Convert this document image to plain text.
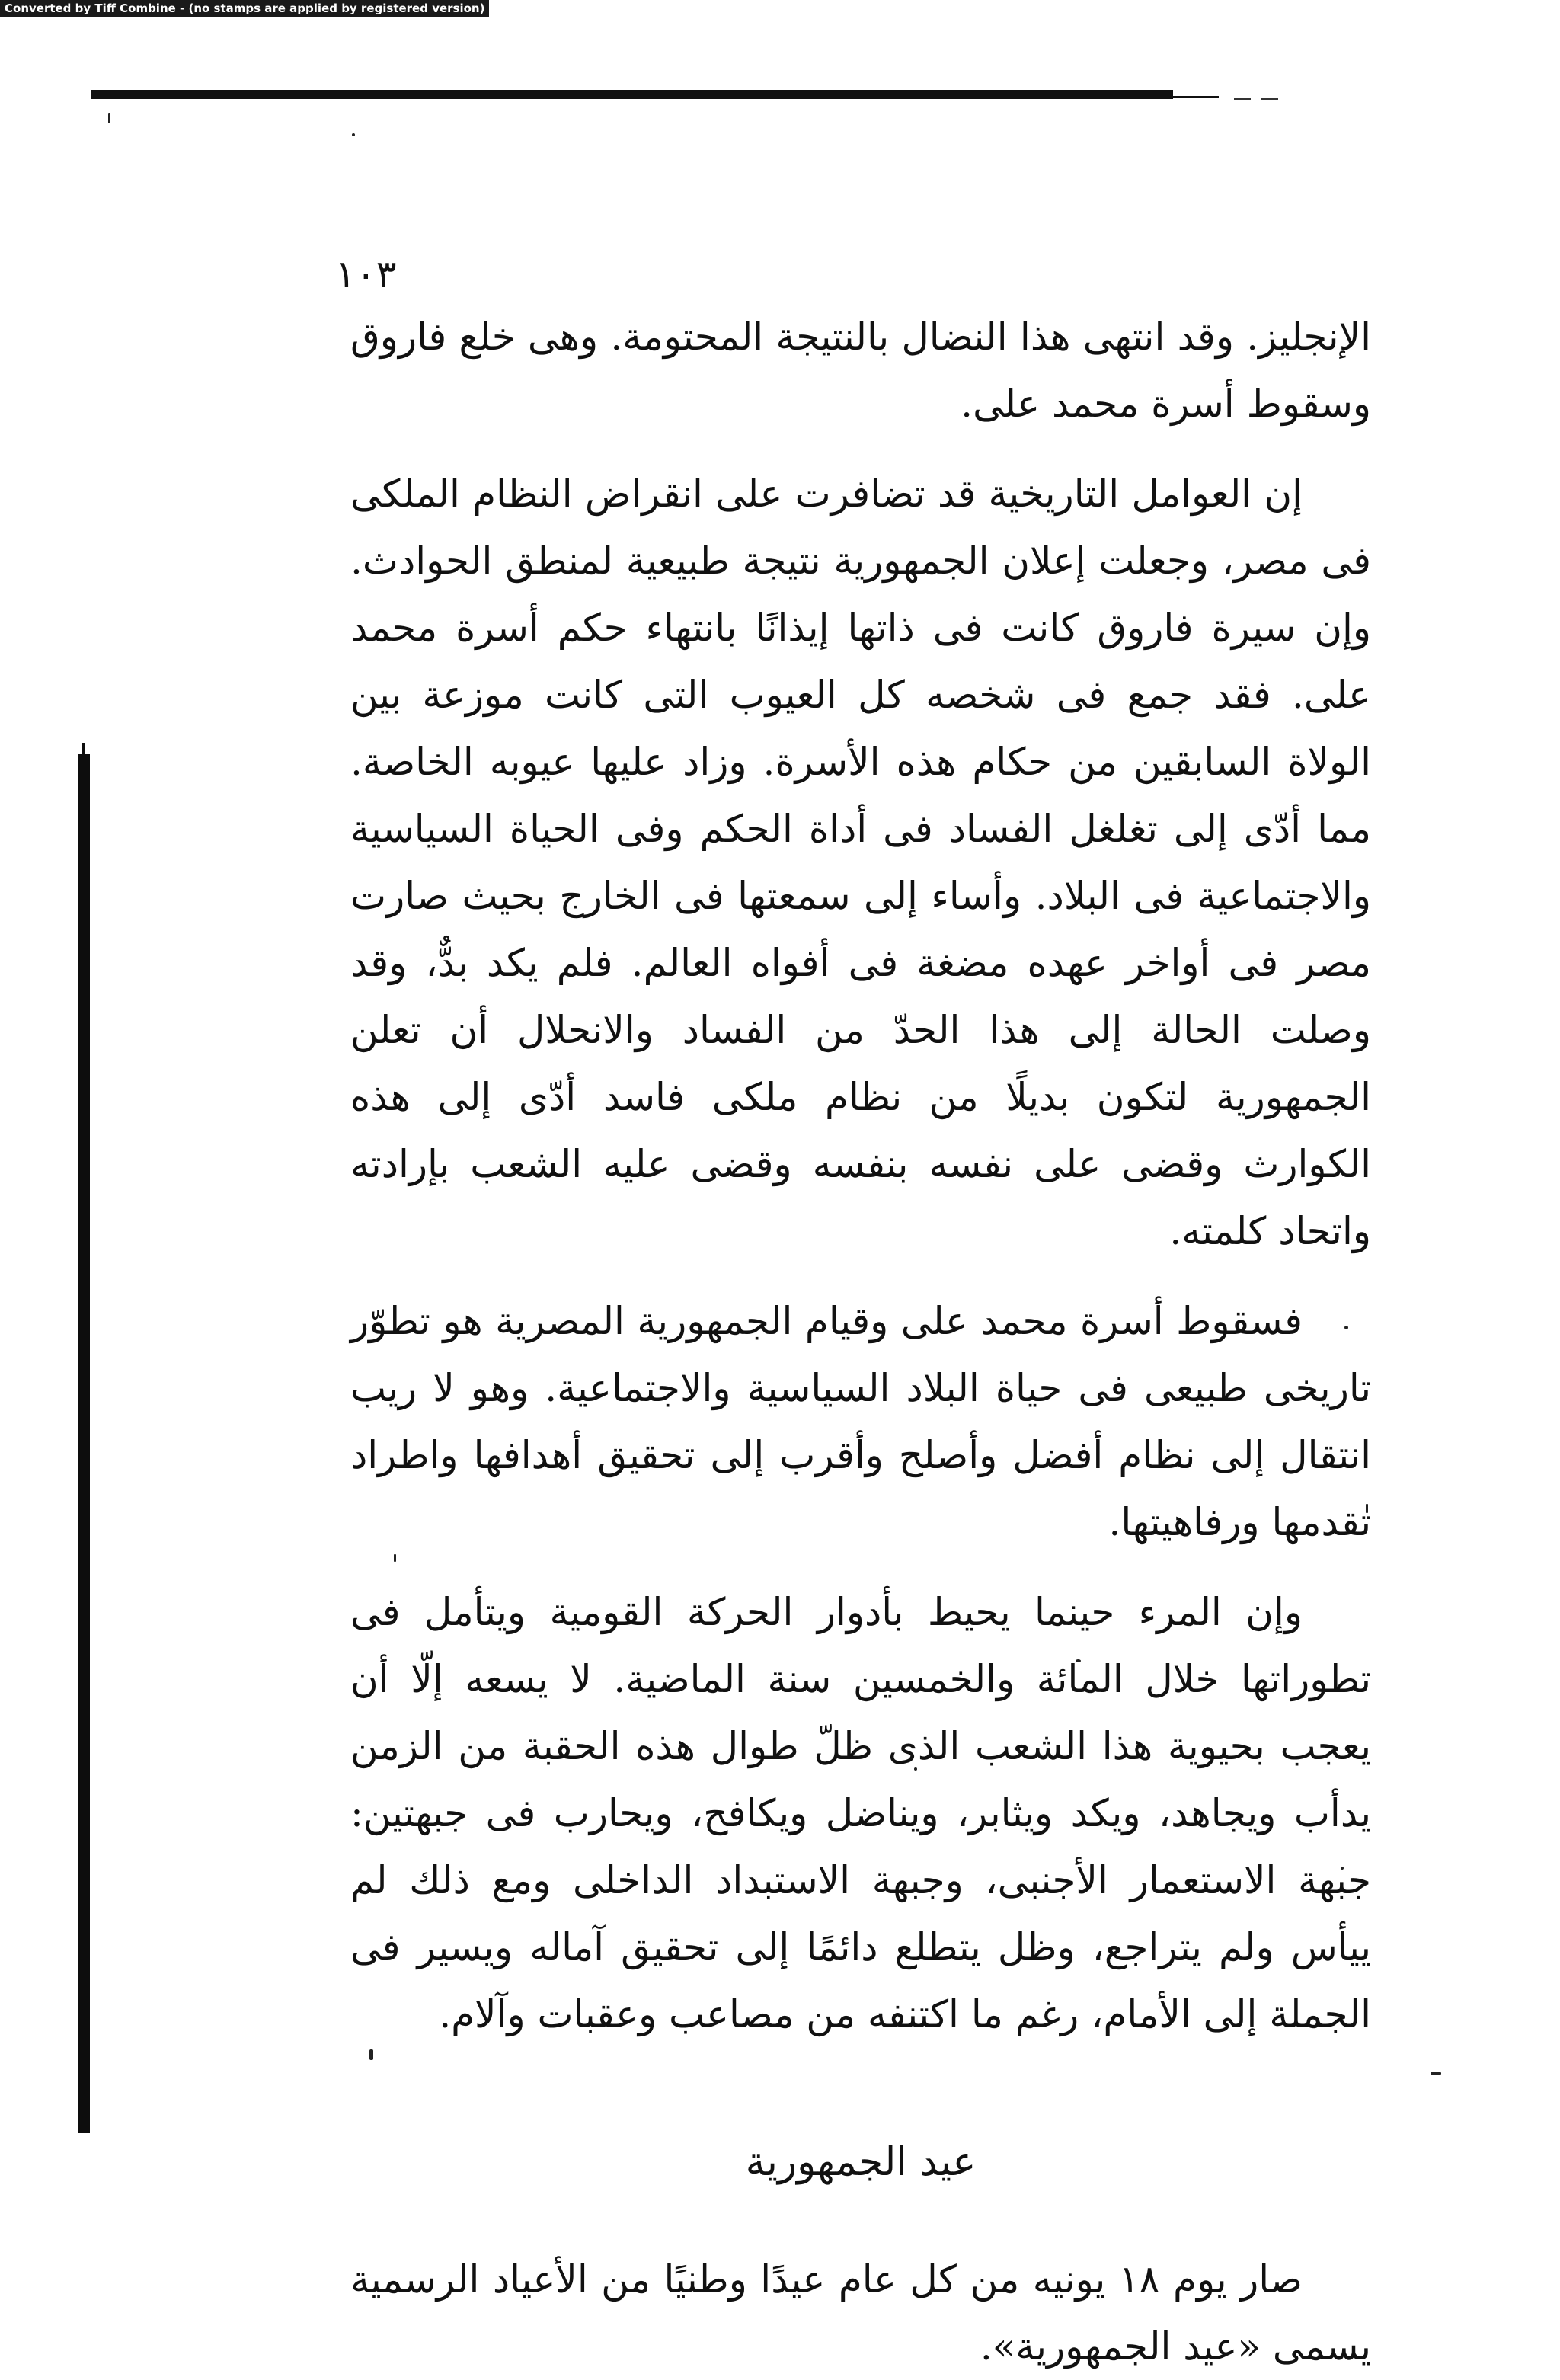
Converted by Tiff Combine - (no stamps are applied by registered version)
١٠٣

الإنجليز. وقد انتهى هذا النضال بالنتيجة المحتومة. وهى خلع فاروق وسقوط أسرة محمد على.

إن العوامل التاريخية قد تضافرت على انقراض النظام الملكى فى مصر، وجعلت إعلان الجمهورية نتيجة طبيعية لمنطق الحوادث. وإن سيرة فاروق كانت فى ذاتها إيذانًا بانتهاء حكم أسرة محمد على. فقد جمع فى شخصه كل العيوب التى كانت موزعة بين الولاة السابقين من حكام هذه الأسرة. وزاد عليها عيوبه الخاصة. مما أدّى إلى تغلغل الفساد فى أداة الحكم وفى الحياة السياسية والاجتماعية فى البلاد. وأساء إلى سمعتها فى الخارج بحيث صارت مصر فى أواخر عهده مضغة فى أفواه العالم. فلم يكد بدٌّ، وقد وصلت الحالة إلى هذا الحدّ من الفساد والانحلال أن تعلن الجمهورية لتكون بديلًا من نظام ملكى فاسد أدّى إلى هذه الكوارث وقضى على نفسه بنفسه وقضى عليه الشعب بإرادته واتحاد كلمته.

فسقوط أسرة محمد على وقيام الجمهورية المصرية هو تطوّر تاريخى طبيعى فى حياة البلاد السياسية والاجتماعية. وهو لا ريب انتقال إلى نظام أفضل وأصلح وأقرب إلى تحقيق أهدافها واطراد تقدمها ورفاهيتها.

وإن المرء حينما يحيط بأدوار الحركة القومية ويتأمل فى تطوراتها خلال المائة والخمسين سنة الماضية. لا يسعه إلّا أن يعجب بحيوية هذا الشعب الذى ظلّ طوال هذه الحقبة من الزمن يدأب ويجاهد، ويكد ويثابر، ويناضل ويكافح، ويحارب فى جبهتين: جبهة الاستعمار الأجنبى، وجبهة الاستبداد الداخلى ومع ذلك لم ييأس ولم يتراجع، وظل يتطلع دائمًا إلى تحقيق آماله ويسير فى الجملة إلى الأمام، رغم ما اكتنفه من مصاعب وعقبات وآلام.

عيد الجمهورية

صار يوم ١٨ يونيه من كل عام عيدًا وطنيًا من الأعياد الرسمية يسمى «عيد الجمهورية».
